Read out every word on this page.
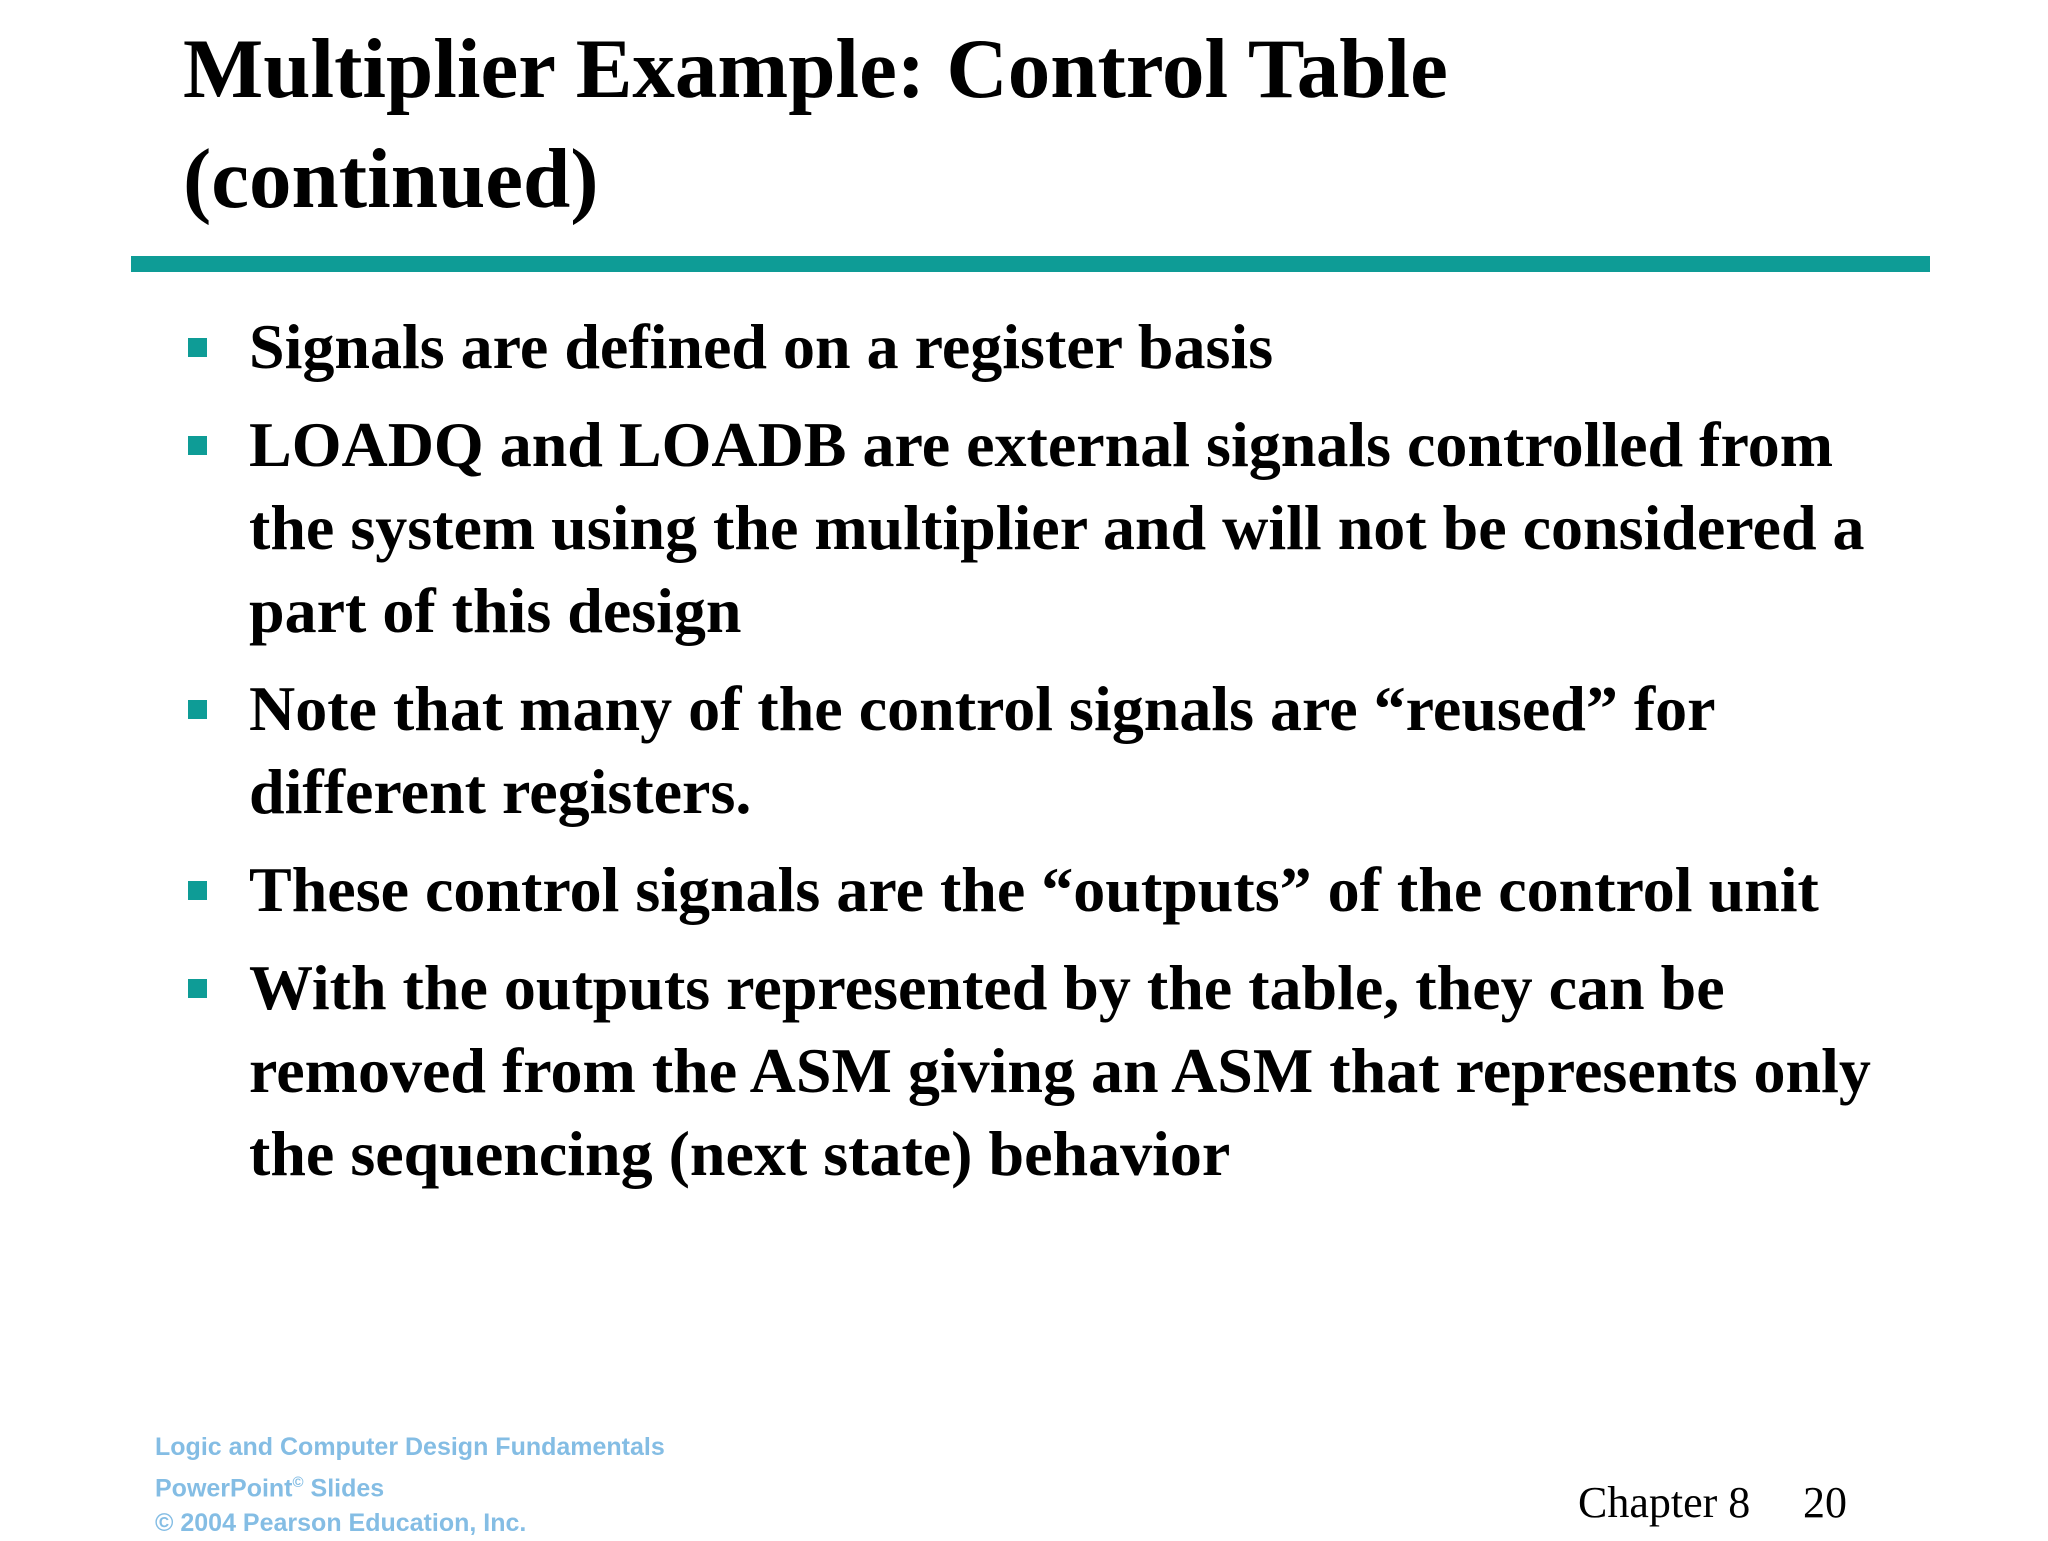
Multiplier Example: Control Table
(continued)
Signals are defined on a register basis
LOADQ and LOADB are external signals controlled from the system using the multiplier and will not be considered a part of this design
Note that many of the control signals are “reused” for different registers.
These control signals are the “outputs” of the control unit
With the outputs represented by the table, they can be removed from the ASM giving an ASM that represents only the sequencing (next state) behavior
Logic and Computer Design Fundamentals
PowerPoint© Slides
© 2004 Pearson Education, Inc.	Chapter 8 20
